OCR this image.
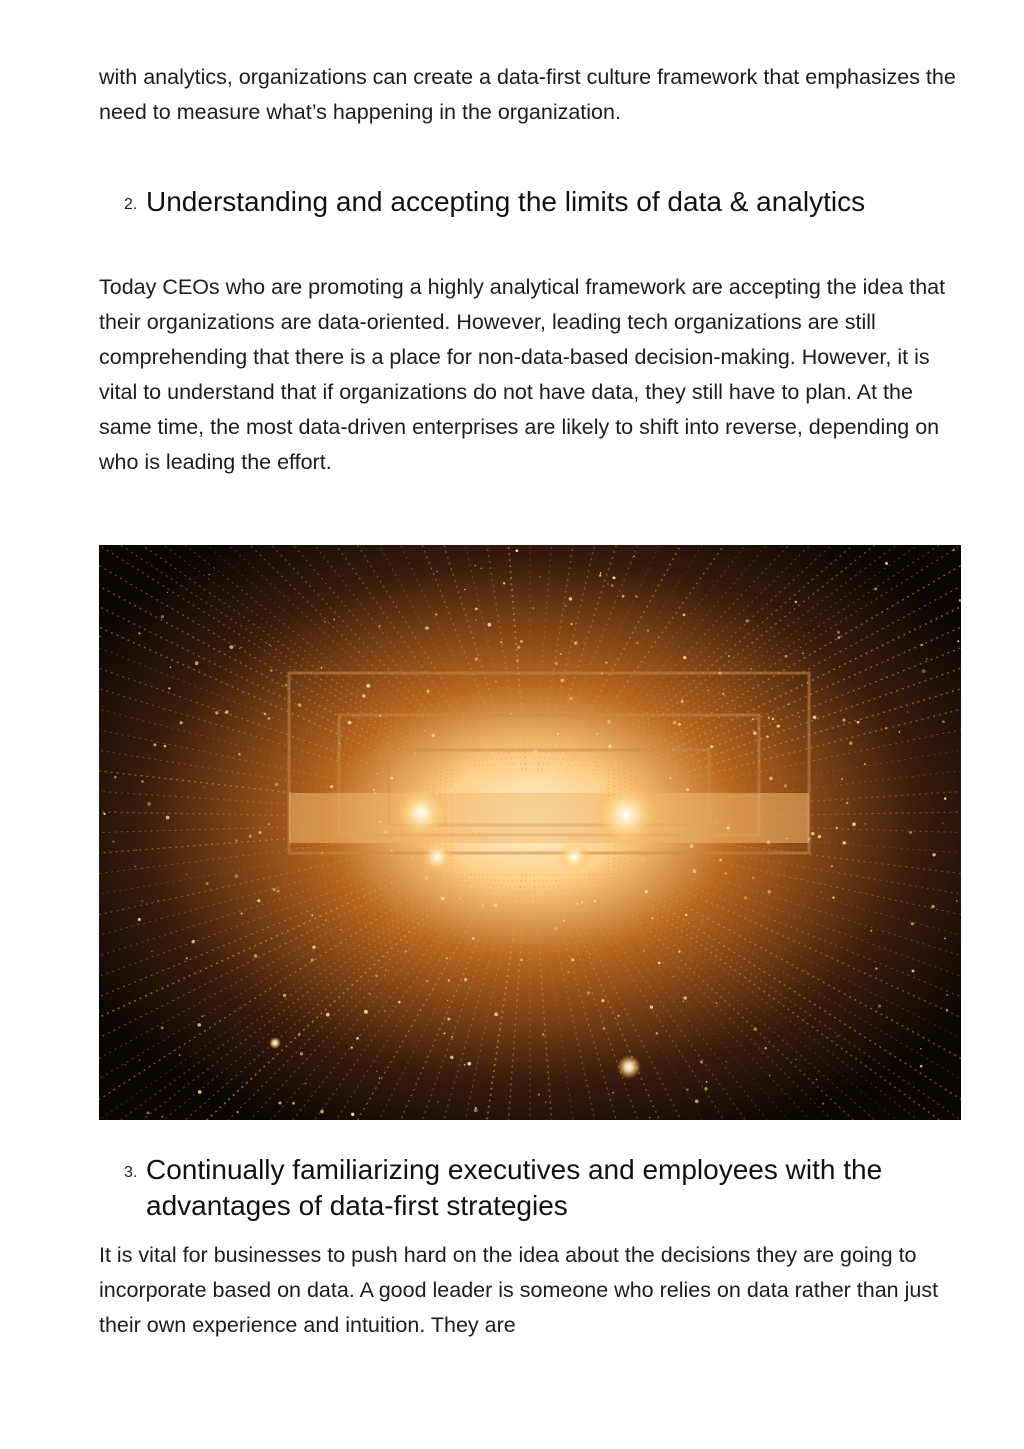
with analytics, organizations can create a data-first culture framework that emphasizes the need to measure what’s happening in the organization.

2. Understanding and accepting the limits of data & analytics

Today CEOs who are promoting a highly analytical framework are accepting the idea that their organizations are data-oriented. However, leading tech organizations are still comprehending that there is a place for non-data-based decision-making. However, it is vital to understand that if organizations do not have data, they still have to plan. At the same time, the most data-driven enterprises are likely to shift into reverse, depending on who is leading the effort.

3. Continually familiarizing executives and employees with the advantages of data-first strategies

It is vital for businesses to push hard on the idea about the decisions they are going to incorporate based on data. A good leader is someone who relies on data rather than just their own experience and intuition. They are
